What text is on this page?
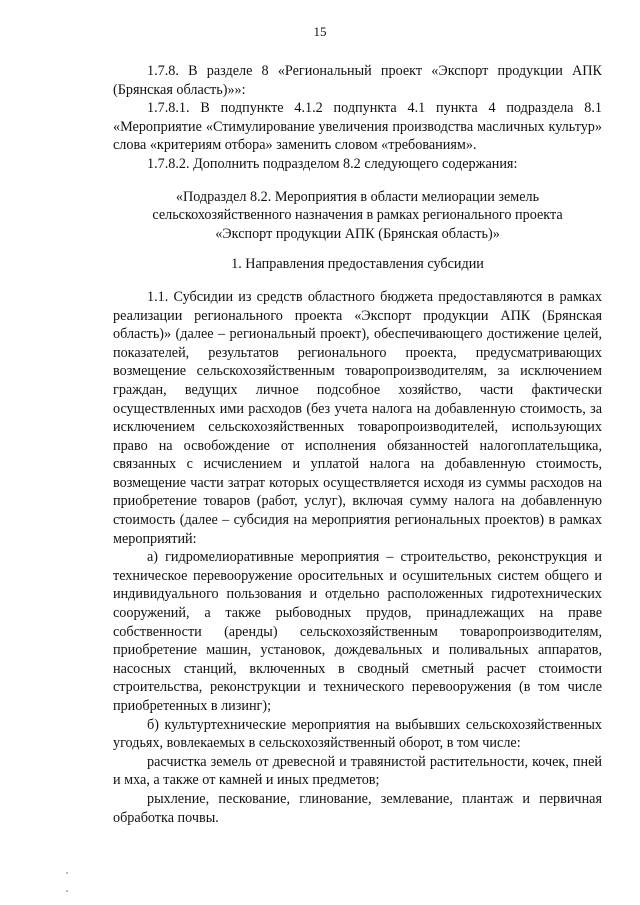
15

1.7.8. В разделе 8 «Региональный проект «Экспорт продукции АПК (Брянская область)»»:

1.7.8.1. В подпункте 4.1.2 подпункта 4.1 пункта 4 подраздела 8.1 «Мероприятие «Стимулирование увеличения производства масличных культур» слова «критериям отбора» заменить словом «требованиям».

1.7.8.2. Дополнить подразделом 8.2 следующего содержания:

«Подраздел 8.2. Мероприятия в области мелиорации земель
сельскохозяйственного назначения в рамках регионального проекта
«Экспорт продукции АПК (Брянская область)»
1. Направления предоставления субсидии

1.1. Субсидии из средств областного бюджета предоставляются в рамках реализации регионального проекта «Экспорт продукции АПК (Брянская область)» (далее – региональный проект), обеспечивающего достижение целей, показателей, результатов регионального проекта, предусматривающих возмещение сельскохозяйственным товаропроизводителям, за исключением граждан, ведущих личное подсобное хозяйство, части фактически осуществленных ими расходов (без учета налога на добавленную стоимость, за исключением сельскохозяйственных товаропроизводителей, использующих право на освобождение от исполнения обязанностей налогоплательщика, связанных с исчислением и уплатой налога на добавленную стоимость, возмещение части затрат которых осуществляется исходя из суммы расходов на приобретение товаров (работ, услуг), включая сумму налога на добавленную стоимость (далее – субсидия на мероприятия региональных проектов) в рамках мероприятий:

а) гидромелиоративные мероприятия – строительство, реконструкция и техническое перевооружение оросительных и осушительных систем общего и индивидуального пользования и отдельно расположенных гидротехнических сооружений, а также рыбоводных прудов, принадлежащих на праве собственности (аренды) сельскохозяйственным товаропроизводителям, приобретение машин, установок, дождевальных и поливальных аппаратов, насосных станций, включенных в сводный сметный расчет стоимости строительства, реконструкции и технического перевооружения (в том числе приобретенных в лизинг);

б) культуртехнические мероприятия на выбывших сельскохозяйственных угодьях, вовлекаемых в сельскохозяйственный оборот, в том числе:

расчистка земель от древесной и травянистой растительности, кочек, пней и мха, а также от камней и иных предметов;

рыхление, пескование, глинование, землевание, плантаж и первичная обработка почвы.
